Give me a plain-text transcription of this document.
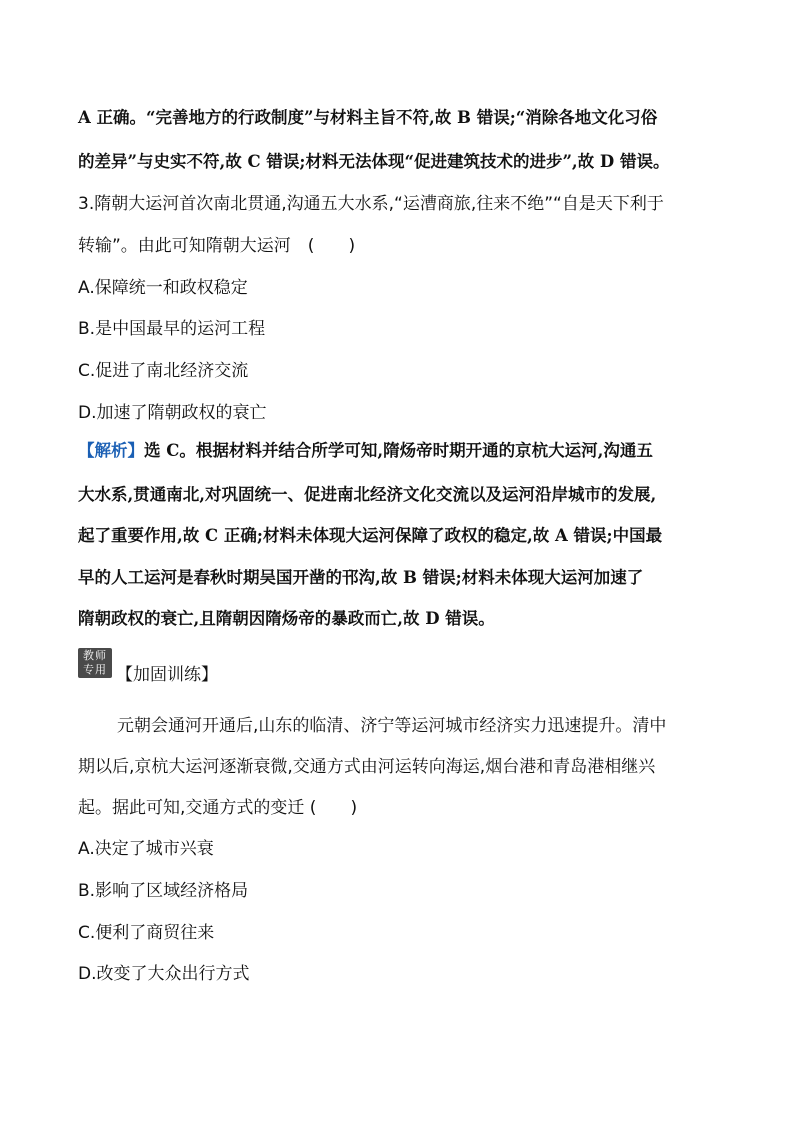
A 正确。“完善地方的行政制度”与材料主旨不符,故 B 错误;“消除各地文化习俗
的差异”与史实不符,故 C 错误;材料无法体现“促进建筑技术的进步”,故 D 错误。
3.隋朝大运河首次南北贯通,沟通五大水系,“运漕商旅,往来不绝”“自是天下利于
转输”。由此可知隋朝大运河　(　　)
A.保障统一和政权稳定
B.是中国最早的运河工程
C.促进了南北经济交流
D.加速了隋朝政权的衰亡
【解析】选 C。根据材料并结合所学可知,隋炀帝时期开通的京杭大运河,沟通五
大水系,贯通南北,对巩固统一、促进南北经济文化交流以及运河沿岸城市的发展,
起了重要作用,故 C 正确;材料未体现大运河保障了政权的稳定,故 A 错误;中国最
早的人工运河是春秋时期吴国开凿的邗沟,故 B 错误;材料未体现大运河加速了
隋朝政权的衰亡,且隋朝因隋炀帝的暴政而亡,故 D 错误。
教师
专用 【加固训练】
元朝会通河开通后,山东的临清、济宁等运河城市经济实力迅速提升。清中
期以后,京杭大运河逐渐衰微,交通方式由河运转向海运,烟台港和青岛港相继兴
起。据此可知,交通方式的变迁 (　　)
A.决定了城市兴衰
B.影响了区域经济格局
C.便利了商贸往来
D.改变了大众出行方式
